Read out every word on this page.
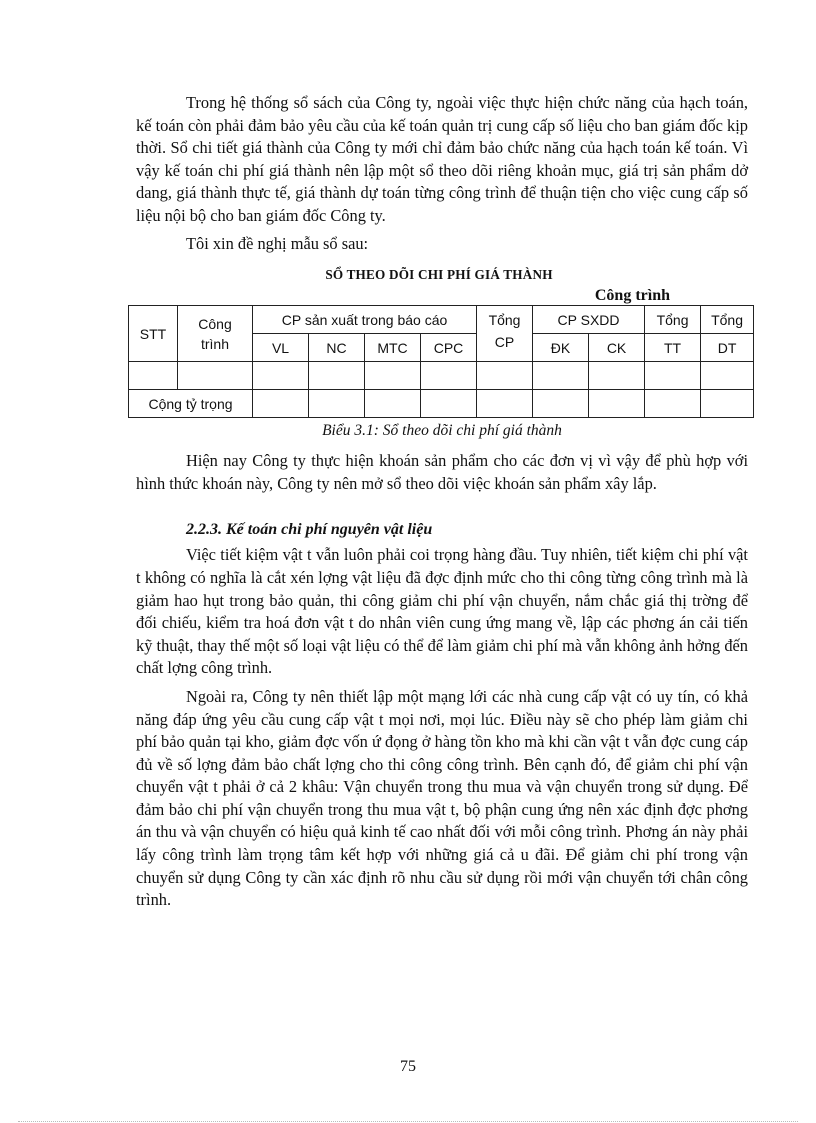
Trong hệ thống sổ sách của Công ty, ngoài việc thực hiện chức năng của hạch toán, kế toán còn phải đảm bảo yêu cầu của kế toán quản trị cung cấp số liệu cho ban giám đốc kịp thời. Sổ chi tiết giá thành của Công ty mới chỉ đảm bảo chức năng của hạch toán kế toán. Vì vậy kế toán chi phí giá thành nên lập một sổ theo dõi riêng khoản mục, giá trị sản phẩm dở dang, giá thành thực tế, giá thành dự toán từng công trình để thuận tiện cho việc cung cấp số liệu nội bộ cho ban giám đốc Công ty.

Tôi xin đề nghị mẫu sổ sau:

SỔ THEO DÕI CHI PHÍ GIÁ THÀNH
Công trình
STT	Công trình	CP sản xuất trong báo cáo				Tổng CP	CP SXDD		Tổng	Tổng
		VL	NC	MTC	CPC		ĐK	CK	TT	DT

Cộng tỷ trọng										
Biểu 3.1: Sổ theo dõi chi phí giá thành

Hiện nay Công ty thực hiện khoán sản phẩm cho các đơn vị vì vậy để phù hợp với hình thức khoán này, Công ty nên mở sổ theo dõi việc khoán sản phẩm xây lắp.

2.2.3. Kế toán chi phí nguyên vật liệu

Việc tiết kiệm vật t vẫn luôn phải coi trọng hàng đầu. Tuy nhiên, tiết kiệm chi phí vật t không có nghĩa là cắt xén lợng vật liệu đã đợc định mức cho thi công từng công trình mà là giảm hao hụt trong bảo quản, thi công giảm chi phí vận chuyển, nắm chắc giá thị trờng để đối chiếu, kiểm tra hoá đơn vật t do nhân viên cung ứng mang về, lập các phơng án cải tiến kỹ thuật, thay thế một số loại vật liệu có thể để làm giảm chi phí mà vẫn không ảnh hởng đến chất lợng công trình.

Ngoài ra, Công ty nên thiết lập một mạng lới các nhà cung cấp vật có uy tín, có khả năng đáp ứng yêu cầu cung cấp vật t mọi nơi, mọi lúc. Điều này sẽ cho phép làm giảm chi phí bảo quản tại kho, giảm đợc vốn ứ đọng ở hàng tồn kho mà khi cần vật t vẫn đợc cung cáp đủ về số lợng đảm bảo chất lợng cho thi công công trình. Bên cạnh đó, để giảm chi phí vận chuyển vật t phải ở cả 2 khâu: Vận chuyển trong thu mua và vận chuyển trong sử dụng. Để đảm bảo chi phí vận chuyển trong thu mua vật t, bộ phận cung ứng nên xác định đợc phơng án thu và vận chuyển có hiệu quả kinh tế cao nhất đối với mỗi công trình. Phơng án này phải lấy công trình làm trọng tâm kết hợp với những giá cả u đãi. Để giảm chi phí trong vận chuyển sử dụng Công ty cần xác định rõ nhu cầu sử dụng rồi mới vận chuyển tới chân công trình.

75
